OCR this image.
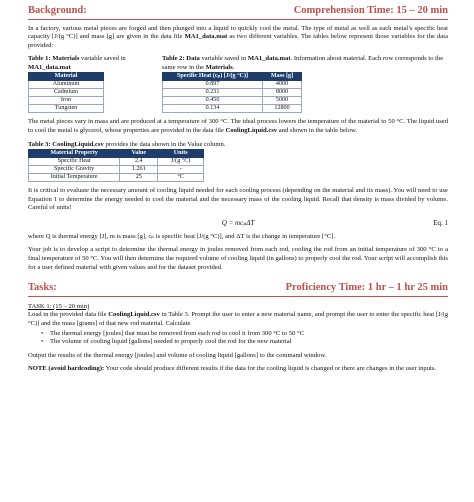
Background:	Comprehension Time: 15 – 20 min

In a factory, various metal pieces are forged and then plunged into a liquid to quickly cool the metal. The type of metal as well as each metal’s specific heat capacity [J/(g °C)] and mass [g] are given in the data file MA1_data.mat as two different variables. The tables below represent those variables for the data provided:

Table 1: Materials variable saved in MA1_data.mat
Material
Aluminum
Cadmium
Iron
Tungsten
Table 2: Data variable saved in MA1_data.mat. Information about material. Each row corresponds to the same row in the Materials.
Specific Heat (cₚ) [J/(g °C)]	Mass [g]
0.897	4000
0.231	8000
0.450	5000
0.134	12800

The metal pieces vary in mass and are produced at a temperature of 300 °C. The ideal process lowers the temperature of the material to 50 °C. The liquid used to cool the metal is glycerol, whose properties are provided in the data file CoolingLiquid.csv and shown in the table below.

Table 3: CoolingLiquid.csv provides the data shown in the Value column.
Material Property	Value	Units
Specific Heat	2.4	J/(g °C)
Specific Gravity	1.261	-
Initial Temperature	25	°C

It is critical to evaluate the necessary amount of cooling liquid needed for each cooling process (depending on the material and its mass). You will need to use Equation 1 to determine the energy needed to cool the material and the necessary mass of the cooling liquid. Recall that density is mass divided by volume. Careful of units!

Q = mcₚΔT	Eq. 1

where Q is thermal energy [J], m is mass [g], cₚ is specific heat [J/(g °C)], and ΔT is the change in temperature [°C].

Your job is to develop a script to determine the thermal energy in joules removed from each rod, cooling the rod from an initial temperature of 300 °C to a final temperature of 50 °C. You will then determine the required volume of cooling liquid (in gallons) to properly cool the rod. Your script will accomplish this for a user defined material with given values and for the dataset provided.

Tasks:	Proficiency Time: 1 hr – 1 hr 25 min
TASK 1: (15 – 20 min)
Load in the provided data file CoolingLiquid.csv in Table 3. Prompt the user to enter a new material name, and prompt the user to enter the specific heat [J/(g °C)] and the mass [grams] of that new rod material. Calculate
• The thermal energy [joules] that must be removed from each rod to cool it from 300 °C to 50 °C
• The volume of cooling liquid [gallons] needed to properly cool the rod for the new material

Output the results of the thermal energy [joules] and volume of cooling liquid [gallons] to the command window.

NOTE (avoid hardcoding): Your code should produce different results if the data for the cooling liquid is changed or there are changes in the user inputs.
